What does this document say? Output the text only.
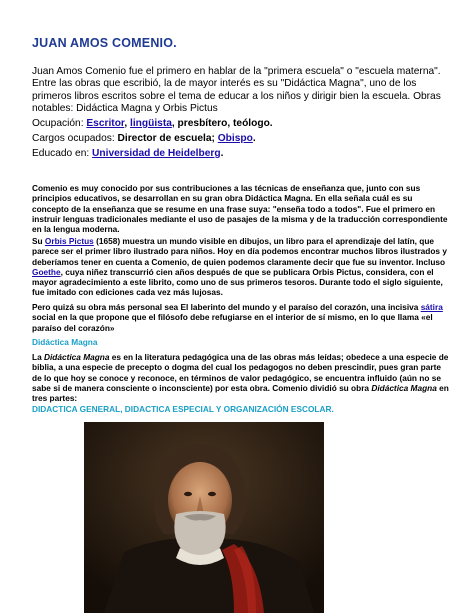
JUAN AMOS COMENIO.

Juan Amos Comenio fue el primero en hablar de la "primera escuela" o "escuela materna". Entre las obras que escribió, la de mayor interés es su "Didáctica Magna", uno de los primeros libros escritos sobre el tema de educar a los niños y dirigir bien la escuela. Obras notables: Didáctica Magna y Orbis Pictus

Ocupación: Escritor, lingüista, presbítero, teólogo.

Cargos ocupados: Director de escuela; Obispo.

Educado en: Universidad de Heidelberg.

Comenio es muy conocido por sus contribuciones a las técnicas de enseñanza que, junto con sus principios educativos, se desarrollan en su gran obra Didáctica Magna. En ella señala cuál es su concepto de la enseñanza que se resume en una frase suya: "enseña todo a todos". Fue el primero en instruir lenguas tradicionales mediante el uso de pasajes de la misma y de la traducción correspondiente en la lengua moderna.

Su Orbis Pictus (1658) muestra un mundo visible en dibujos, un libro para el aprendizaje del latín, que parece ser el primer libro ilustrado para niños. Hoy en día podemos encontrar muchos libros ilustrados y deberíamos tener en cuenta a Comenio, de quien podemos claramente decir que fue su inventor. Incluso Goethe, cuya niñez transcurrió cien años después de que se publicara Orbis Pictus, considera, con el mayor agradecimiento a este librito, como uno de sus primeros tesoros. Durante todo el siglo siguiente, fue imitado con ediciones cada vez más lujosas.

Pero quizá su obra más personal sea El laberinto del mundo y el paraíso del corazón, una incisiva sátira social en la que propone que el filósofo debe refugiarse en el interior de sí mismo, en lo que llama «el paraíso del corazón»

Didáctica Magna

La Didáctica Magna es en la literatura pedagógica una de las obras más leídas; obedece a una especie de biblia, a una especie de precepto o dogma del cual los pedagogos no deben prescindir, pues gran parte de lo que hoy se conoce y reconoce, en términos de valor pedagógico, se encuentra influido (aún no se sabe si de manera consciente o inconsciente) por esta obra. Comenio dividió su obra Didáctica Magna en tres partes:

DIDACTICA GENERAL, DIDACTICA ESPECIAL Y ORGANIZACIÓN ESCOLAR.
